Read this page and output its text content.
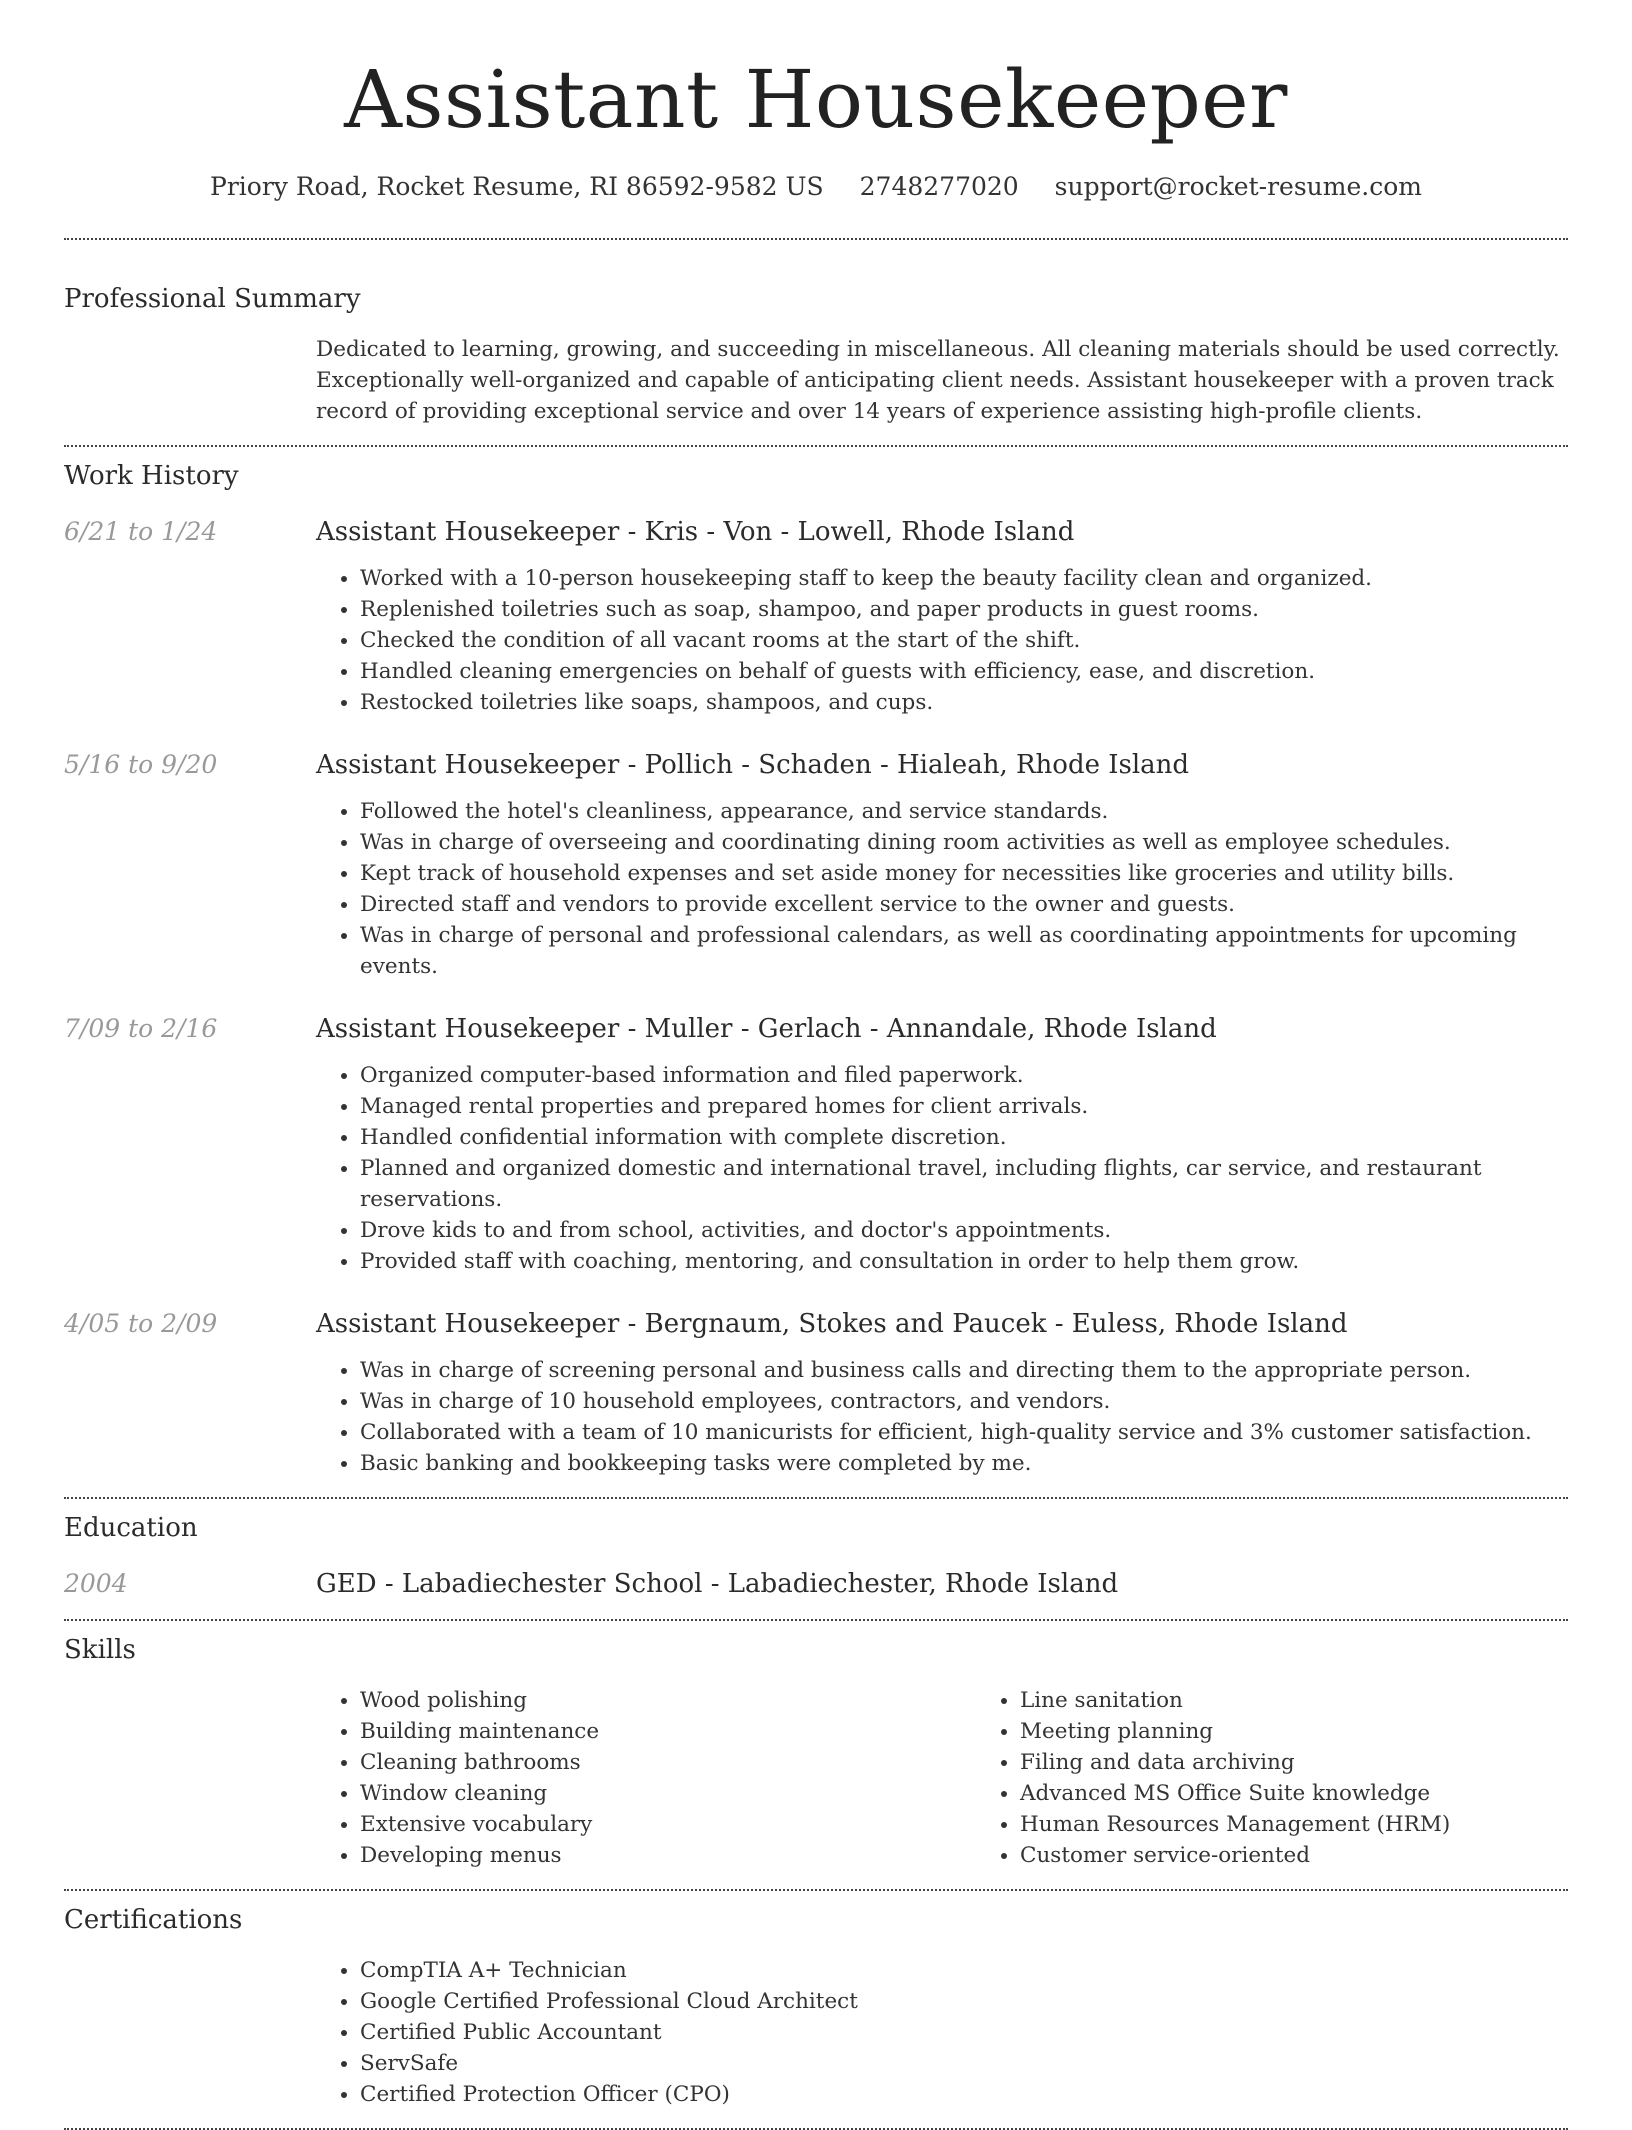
Assistant Housekeeper
Priory Road, Rocket Resume, RI 86592-9582 US 2748277020 support@rocket-resume.com
Professional Summary
Dedicated to learning, growing, and succeeding in miscellaneous. All cleaning materials should be used correctly. Exceptionally well-organized and capable of anticipating client needs. Assistant housekeeper with a proven track record of providing exceptional service and over 14 years of experience assisting high-profile clients.
Work History
6/21 to 1/24	Assistant Housekeeper - Kris - Von - Lowell, Rhode Island
• Worked with a 10-person housekeeping staff to keep the beauty facility clean and organized.
• Replenished toiletries such as soap, shampoo, and paper products in guest rooms.
• Checked the condition of all vacant rooms at the start of the shift.
• Handled cleaning emergencies on behalf of guests with efficiency, ease, and discretion.
• Restocked toiletries like soaps, shampoos, and cups.
5/16 to 9/20	Assistant Housekeeper - Pollich - Schaden - Hialeah, Rhode Island
• Followed the hotel's cleanliness, appearance, and service standards.
• Was in charge of overseeing and coordinating dining room activities as well as employee schedules.
• Kept track of household expenses and set aside money for necessities like groceries and utility bills.
• Directed staff and vendors to provide excellent service to the owner and guests.
• Was in charge of personal and professional calendars, as well as coordinating appointments for upcoming events.
7/09 to 2/16	Assistant Housekeeper - Muller - Gerlach - Annandale, Rhode Island
• Organized computer-based information and filed paperwork.
• Managed rental properties and prepared homes for client arrivals.
• Handled confidential information with complete discretion.
• Planned and organized domestic and international travel, including flights, car service, and restaurant reservations.
• Drove kids to and from school, activities, and doctor's appointments.
• Provided staff with coaching, mentoring, and consultation in order to help them grow.
4/05 to 2/09	Assistant Housekeeper - Bergnaum, Stokes and Paucek - Euless, Rhode Island
• Was in charge of screening personal and business calls and directing them to the appropriate person.
• Was in charge of 10 household employees, contractors, and vendors.
• Collaborated with a team of 10 manicurists for efficient, high-quality service and 3% customer satisfaction.
• Basic banking and bookkeeping tasks were completed by me.
Education
2004	GED - Labadiechester School - Labadiechester, Rhode Island
Skills
• Wood polishing
• Building maintenance
• Cleaning bathrooms
• Window cleaning
• Extensive vocabulary
• Developing menus
• Line sanitation
• Meeting planning
• Filing and data archiving
• Advanced MS Office Suite knowledge
• Human Resources Management (HRM)
• Customer service-oriented
Certifications
• CompTIA A+ Technician
• Google Certified Professional Cloud Architect
• Certified Public Accountant
• ServSafe
• Certified Protection Officer (CPO)
